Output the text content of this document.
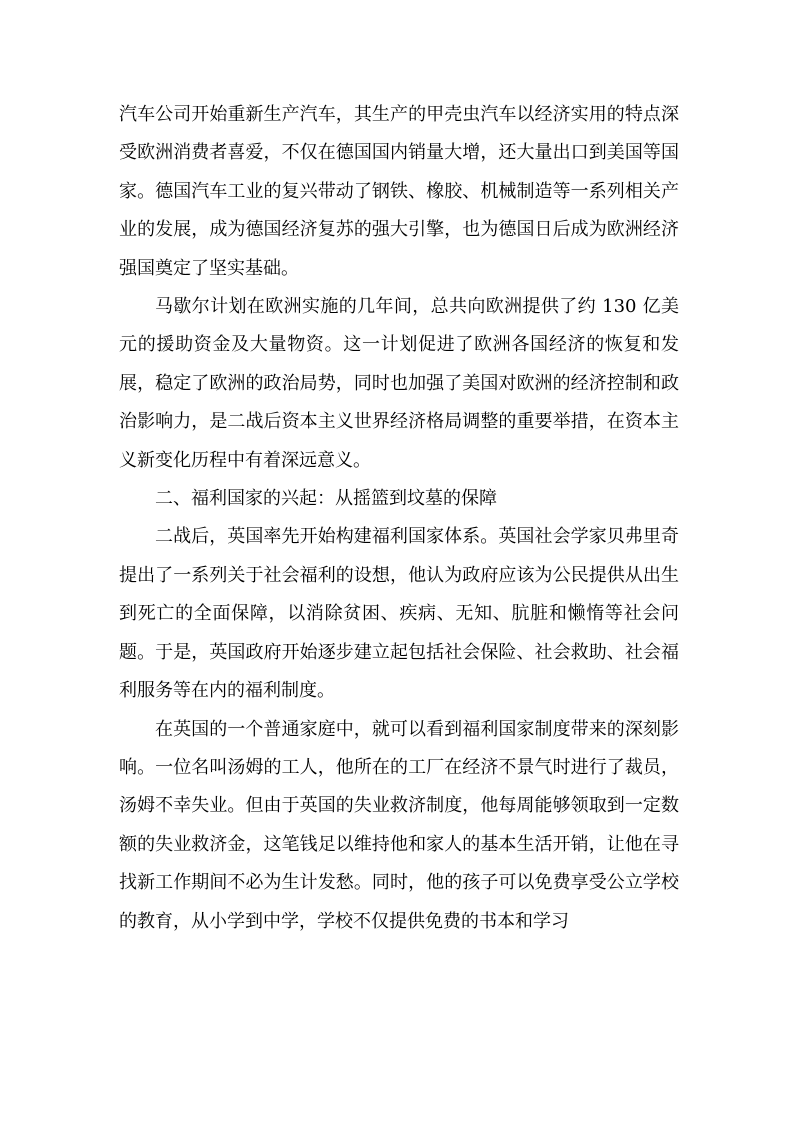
汽车公司开始重新生产汽车，其生产的甲壳虫汽车以经济实用的特点深受欧洲消费者喜爱，不仅在德国国内销量大增，还大量出口到美国等国家。德国汽车工业的复兴带动了钢铁、橡胶、机械制造等一系列相关产业的发展，成为德国经济复苏的强大引擎，也为德国日后成为欧洲经济强国奠定了坚实基础。

马歇尔计划在欧洲实施的几年间，总共向欧洲提供了约 130 亿美元的援助资金及大量物资。这一计划促进了欧洲各国经济的恢复和发展，稳定了欧洲的政治局势，同时也加强了美国对欧洲的经济控制和政治影响力，是二战后资本主义世界经济格局调整的重要举措，在资本主义新变化历程中有着深远意义。

二、福利国家的兴起：从摇篮到坟墓的保障

二战后，英国率先开始构建福利国家体系。英国社会学家贝弗里奇提出了一系列关于社会福利的设想，他认为政府应该为公民提供从出生到死亡的全面保障，以消除贫困、疾病、无知、肮脏和懒惰等社会问题。于是，英国政府开始逐步建立起包括社会保险、社会救助、社会福利服务等在内的福利制度。

在英国的一个普通家庭中，就可以看到福利国家制度带来的深刻影响。一位名叫汤姆的工人，他所在的工厂在经济不景气时进行了裁员，汤姆不幸失业。但由于英国的失业救济制度，他每周能够领取到一定数额的失业救济金，这笔钱足以维持他和家人的基本生活开销，让他在寻找新工作期间不必为生计发愁。同时，他的孩子可以免费享受公立学校的教育，从小学到中学，学校不仅提供免费的书本和学习
